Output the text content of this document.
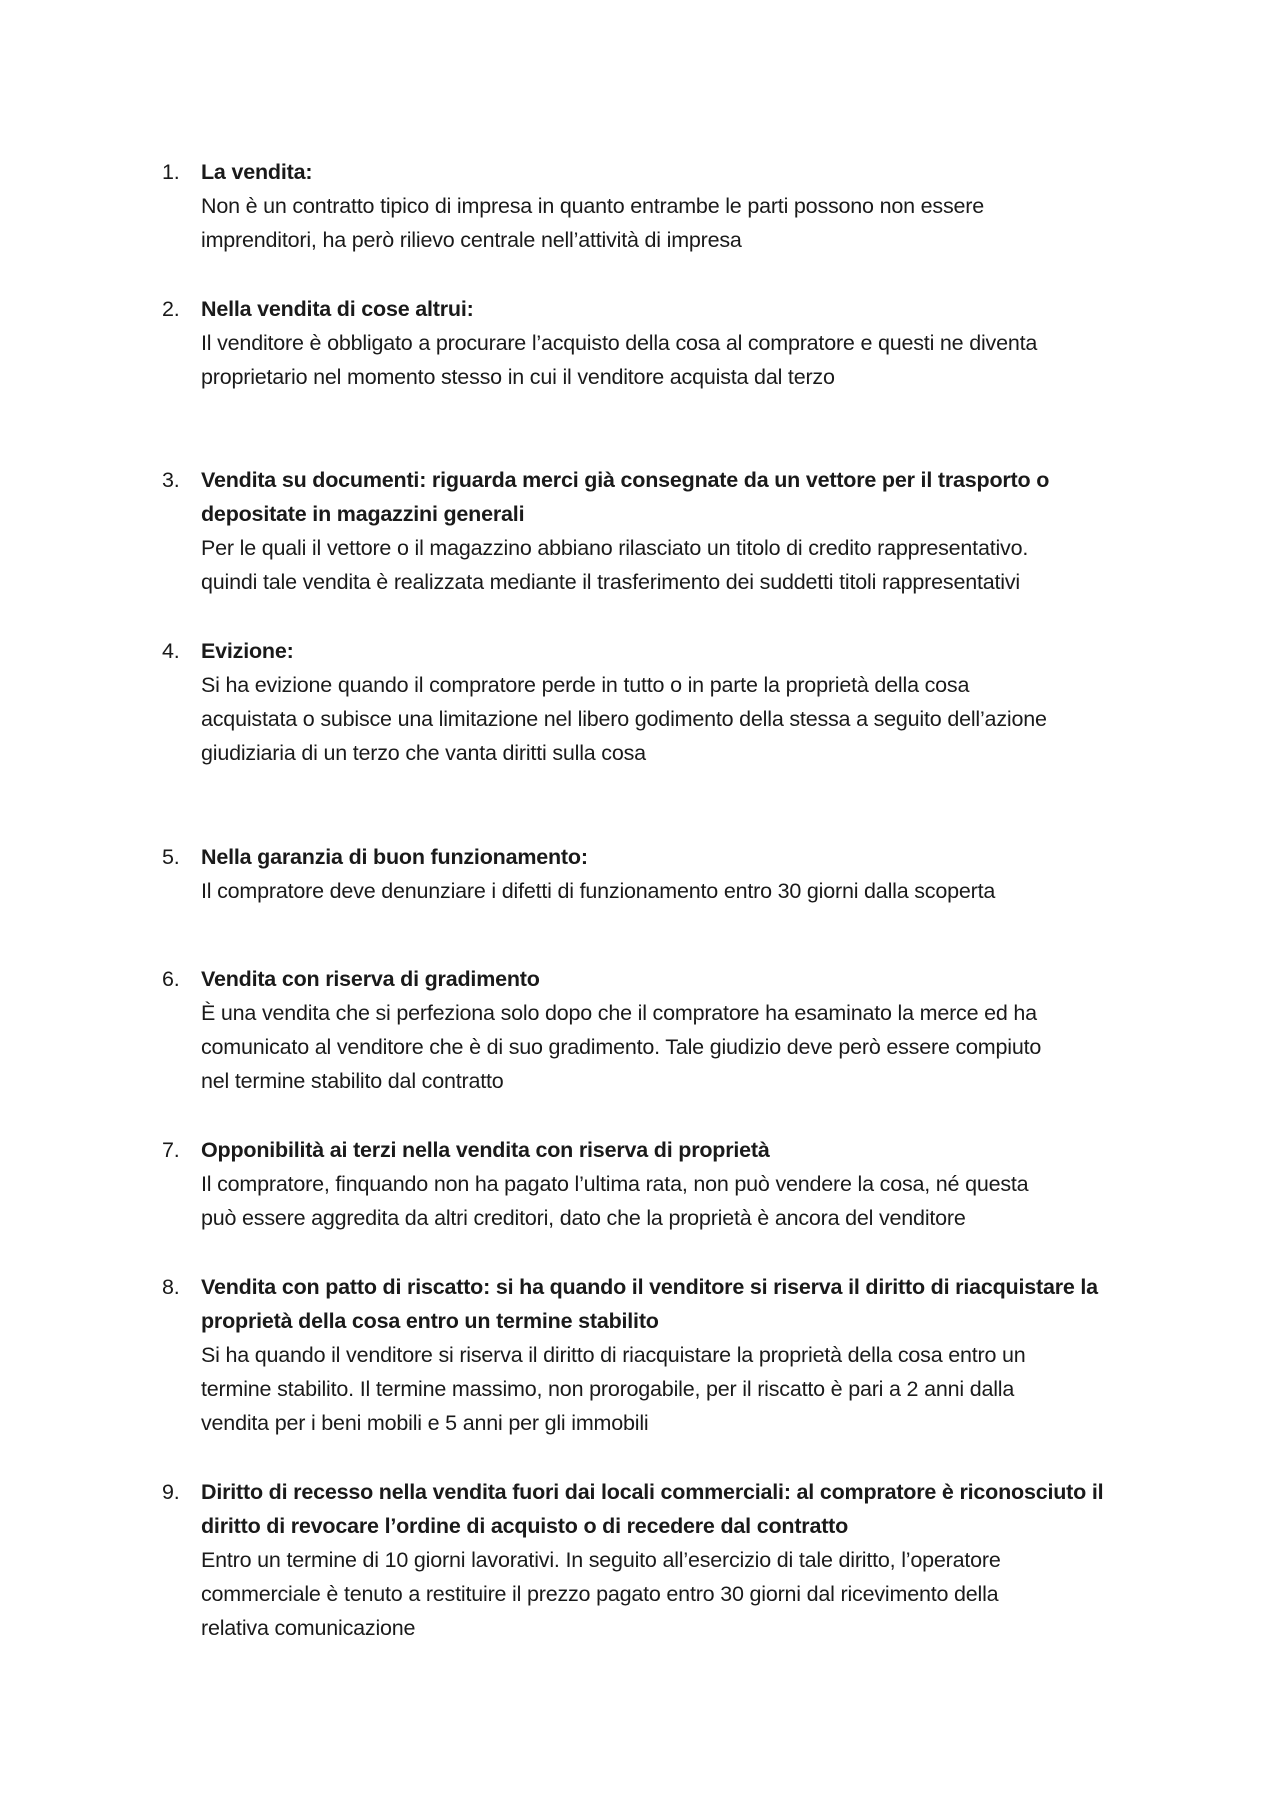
1. La vendita:
Non è un contratto tipico di impresa in quanto entrambe le parti possono non essere
imprenditori, ha però rilievo centrale nell’attività di impresa
2. Nella vendita di cose altrui:
Il venditore è obbligato a procurare l’acquisto della cosa al compratore e questi ne diventa
proprietario nel momento stesso in cui il venditore acquista dal terzo
3. Vendita su documenti: riguarda merci già consegnate da un vettore per il trasporto o
depositate in magazzini generali
Per le quali il vettore o il magazzino abbiano rilasciato un titolo di credito rappresentativo.
quindi tale vendita è realizzata mediante il trasferimento dei suddetti titoli rappresentativi
4. Evizione:
Si ha evizione quando il compratore perde in tutto o in parte la proprietà della cosa
acquistata o subisce una limitazione nel libero godimento della stessa a seguito dell’azione
giudiziaria di un terzo che vanta diritti sulla cosa
5. Nella garanzia di buon funzionamento:
Il compratore deve denunziare i difetti di funzionamento entro 30 giorni dalla scoperta
6. Vendita con riserva di gradimento
È una vendita che si perfeziona solo dopo che il compratore ha esaminato la merce ed ha
comunicato al venditore che è di suo gradimento. Tale giudizio deve però essere compiuto
nel termine stabilito dal contratto
7. Opponibilità ai terzi nella vendita con riserva di proprietà
Il compratore, finquando non ha pagato l’ultima rata, non può vendere la cosa, né questa
può essere aggredita da altri creditori, dato che la proprietà è ancora del venditore
8. Vendita con patto di riscatto: si ha quando il venditore si riserva il diritto di riacquistare la
proprietà della cosa entro un termine stabilito
Si ha quando il venditore si riserva il diritto di riacquistare la proprietà della cosa entro un
termine stabilito. Il termine massimo, non prorogabile, per il riscatto è pari a 2 anni dalla
vendita per i beni mobili e 5 anni per gli immobili
9. Diritto di recesso nella vendita fuori dai locali commerciali: al compratore è riconosciuto il
diritto di revocare l’ordine di acquisto o di recedere dal contratto
Entro un termine di 10 giorni lavorativi. In seguito all’esercizio di tale diritto, l’operatore
commerciale è tenuto a restituire il prezzo pagato entro 30 giorni dal ricevimento della
relativa comunicazione
